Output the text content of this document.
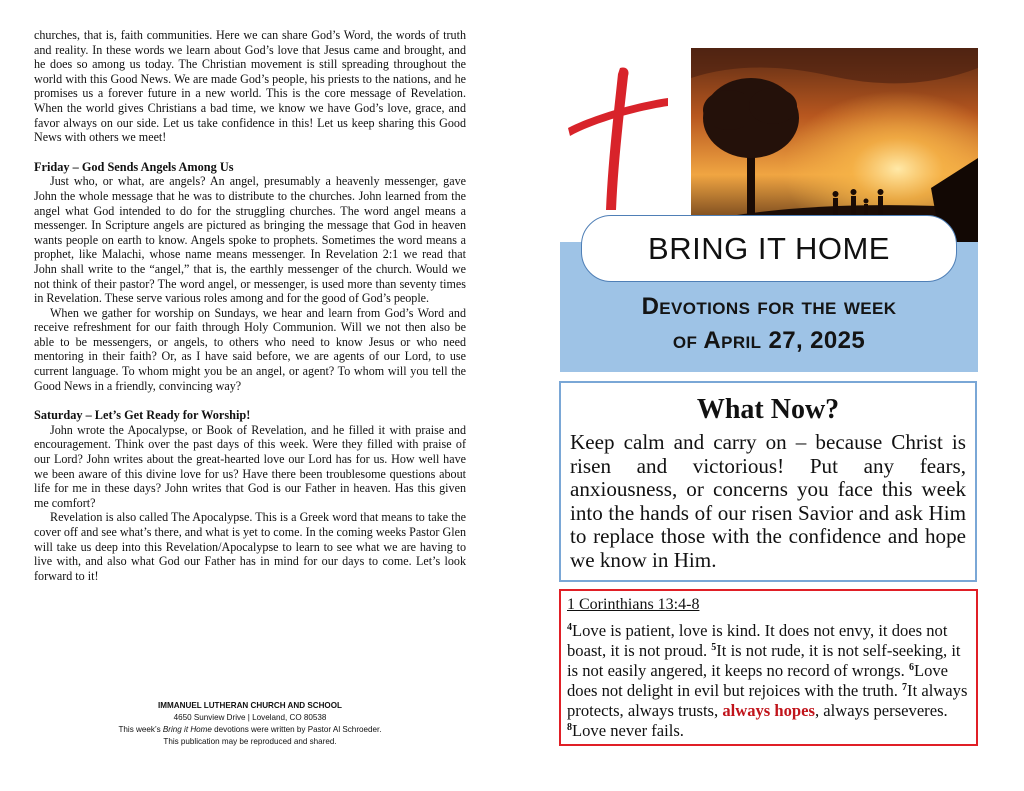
churches, that is, faith communities. Here we can share God’s Word, the words of truth and reality. In these words we learn about God’s love that Jesus came and brought, and he does so among us today. The Christian movement is still spreading throughout the world with this Good News. We are made God’s people, his priests to the nations, and he promises us a forever future in a new world. This is the core message of Revelation. When the world gives Christians a bad time, we know we have God’s love, grace, and favor always on our side. Let us take confidence in this! Let us keep sharing this Good News with others we meet!

Friday – God Sends Angels Among Us

Just who, or what, are angels? An angel, presumably a heavenly messenger, gave John the whole message that he was to distribute to the churches. John learned from the angel what God intended to do for the struggling churches. The word angel means a messenger. In Scripture angels are pictured as bringing the message that God in heaven wants people on earth to know. Angels spoke to prophets. Sometimes the word means a prophet, like Malachi, whose name means messenger. In Revelation 2:1 we read that John shall write to the “angel,” that is, the earthly messenger of the church. Would we not think of their pastor? The word angel, or messenger, is used more than seventy times in Revelation. These serve various roles among and for the good of God’s people.

When we gather for worship on Sundays, we hear and learn from God’s Word and receive refreshment for our faith through Holy Communion. Will we not then also be able to be messengers, or angels, to others who need to know Jesus or who need mentoring in their faith? Or, as I have said before, we are agents of our Lord, to use current language. To whom might you be an angel, or agent? To whom will you tell the Good News in a friendly, convincing way?

Saturday – Let’s Get Ready for Worship!

John wrote the Apocalypse, or Book of Revelation, and he filled it with praise and encouragement. Think over the past days of this week. Were they filled with praise of our Lord? John writes about the great-hearted love our Lord has for us. How well have we been aware of this divine love for us? Have there been troublesome questions about life for me in these days? John writes that God is our Father in heaven. Has this given me comfort?

Revelation is also called The Apocalypse. This is a Greek word that means to take the cover off and see what’s there, and what is yet to come. In the coming weeks Pastor Glen will take us deep into this Revelation/Apocalypse to learn to see what we are having to live with, and also what God our Father has in mind for our days to come. Let’s look forward to it!

IMMANUEL LUTHERAN CHURCH AND SCHOOL
4650 Sunview Drive | Loveland, CO 80538
This week’s Bring it Home devotions were written by Pastor Al Schroeder.
This publication may be reproduced and shared.
BRING IT HOME
Devotions for the week
of April 27, 2025
What Now?

Keep calm and carry on – because Christ is risen and victorious! Put any fears, anxiousness, or concerns you face this week into the hands of our risen Savior and ask Him to replace those with the confidence and hope we know in Him.

1 Corinthians 13:4-8

$^4$Love is patient, love is kind. It does not envy, it does not boast, it is not proud. $^5$It is not rude, it is not self-seeking, it is not easily angered, it keeps no record of wrongs. $^6$Love does not delight in evil but rejoices with the truth. $^7$It always protects, always trusts, always hopes, always perseveres. $^8$Love never fails.
